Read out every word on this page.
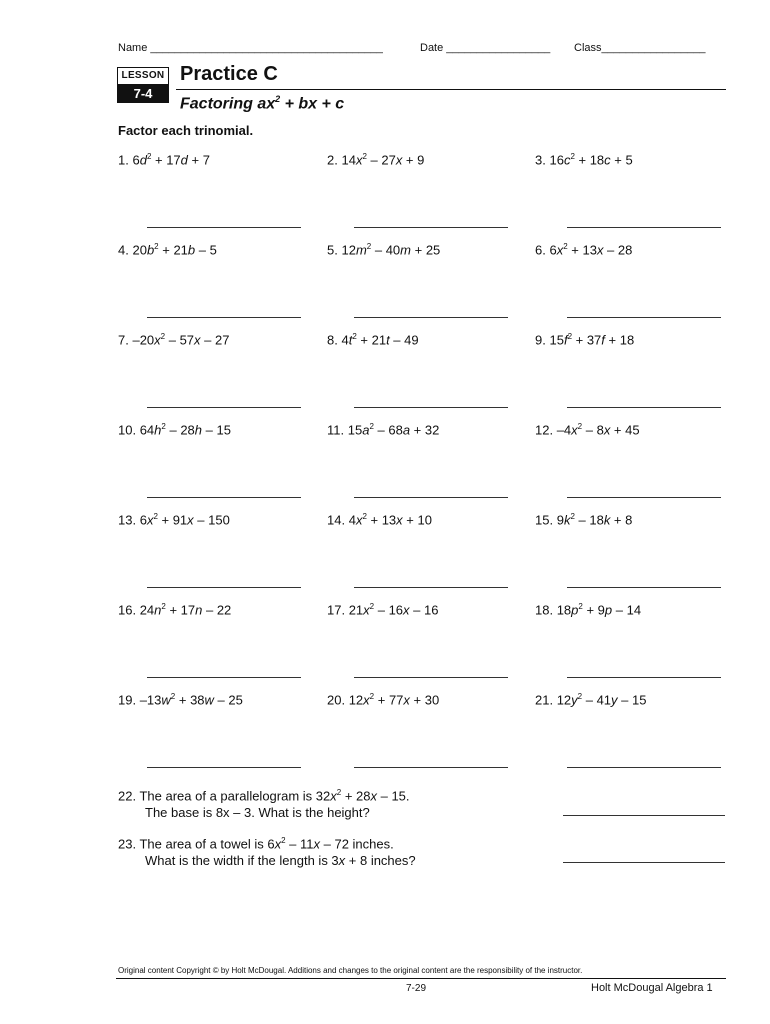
Name ______________________________________	Date _________________ Class_________________
LESSON
7-4
Practice C
Factoring $ax^2$ + bx + c
Factor each trinomial.
1. $6d^2 + 17d + 7$	2. $14x^2 - 27x + 9$	3. $16c^2 + 18c + 5$
4. $20b^2 + 21b - 5$	5. $12m^2 - 40m + 25$	6. $6x^2 + 13x - 28$
7. $-20x^2 - 57x - 27$	8. $4t^2 + 21t - 49$	9. $15f^2 + 37f + 18$
10. $64h^2 - 28h - 15$	11. $15a^2 - 68a + 32$	12. $-4x^2 - 8x + 45$
13. $6x^2 + 91x - 150$	14. $4x^2 + 13x + 10$	15. $9k^2 - 18k + 8$
16. $24n^2 + 17n - 22$	17. $21x^2 - 16x - 16$	18. $18p^2 + 9p - 14$
19. $-13w^2 + 38w - 25$	20. $12x^2 + 77x + 30$	21. $12y^2 - 41y - 15$
22. The area of a parallelogram is $32x^2 + 28x - 15$.
The base is 8x – 3. What is the height?
23. The area of a towel is $6x^2 - 11x - 72$ inches.
What is the width if the length is 3x + 8 inches?
Original content Copyright © by Holt McDougal. Additions and changes to the original content are the responsibility of the instructor.
7-29	Holt McDougal Algebra 1
